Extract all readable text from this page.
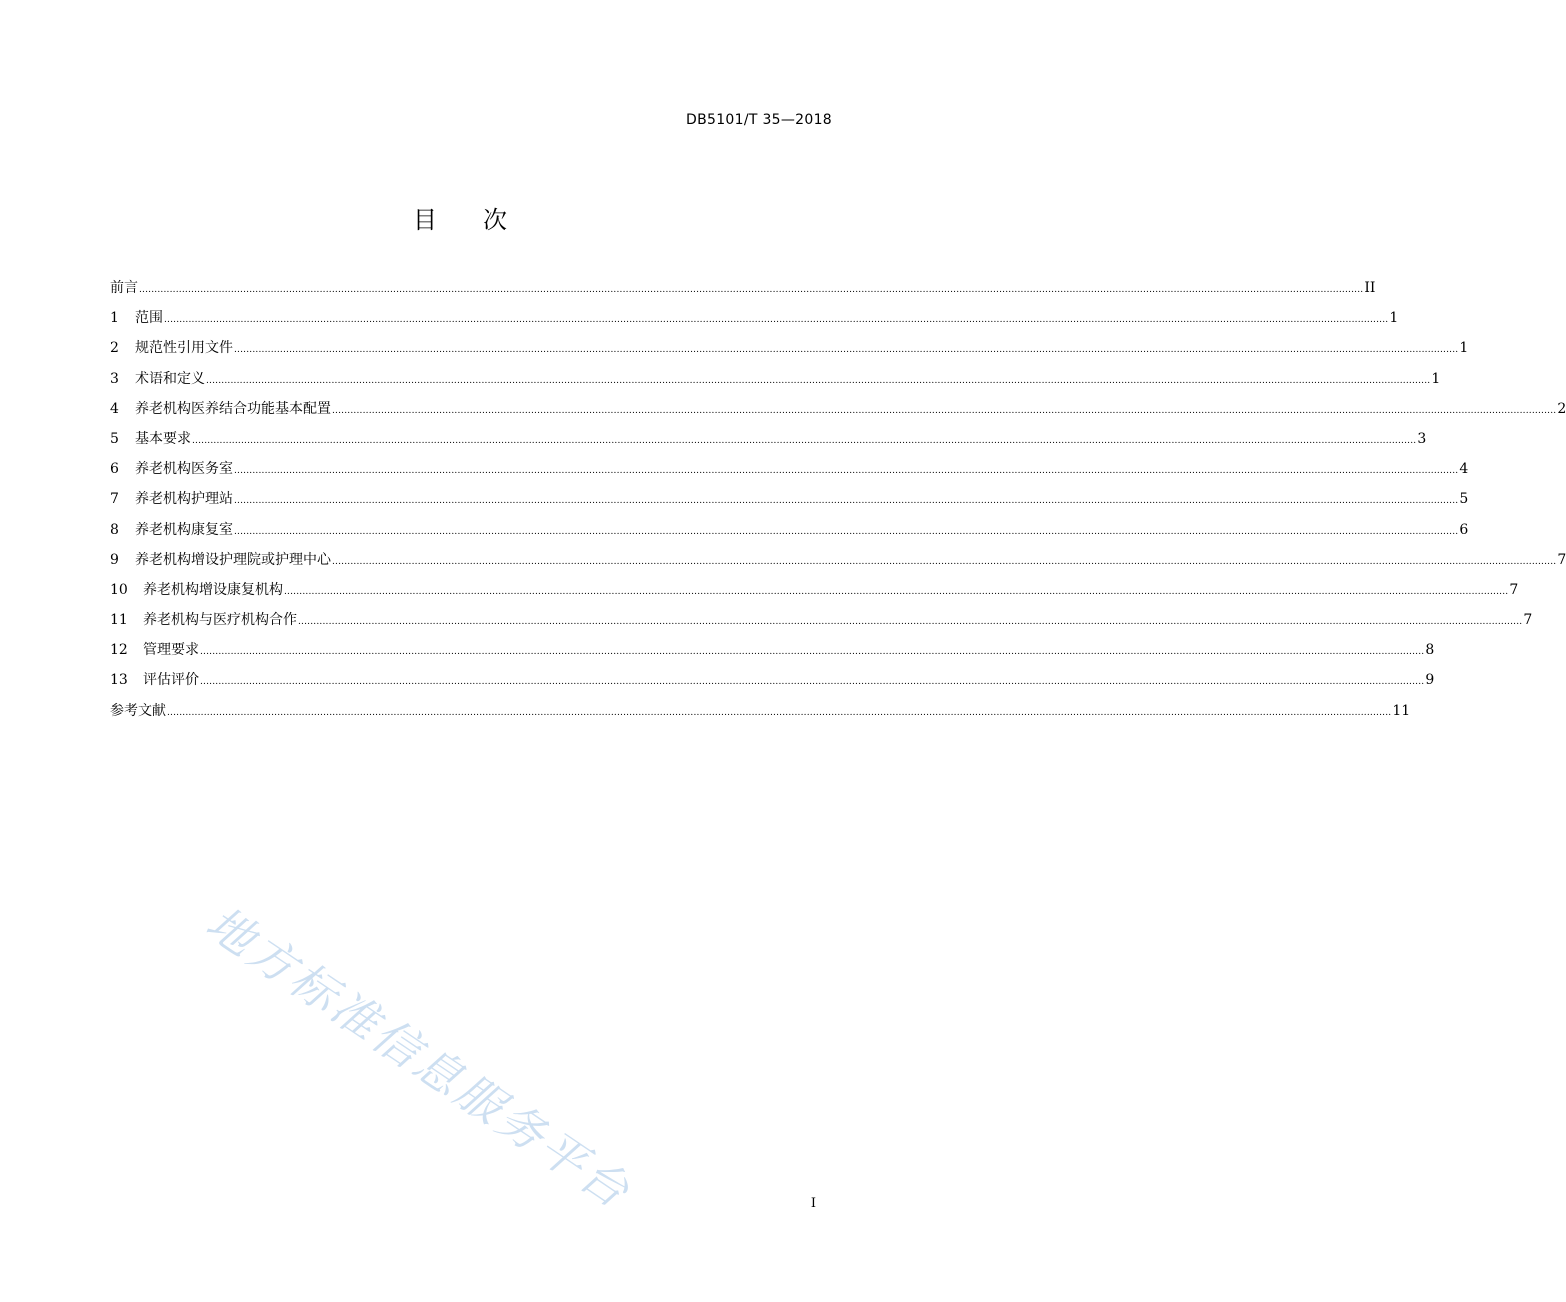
DB5101/T 35—2018
目次
前言 ................................................................................................................................................................................................................................................................................................................................................................................................................ II
1	范围 ................................................................................................................................................................................................................................................................................................................................................................................................................ 1
2	规范性引用文件 ................................................................................................................................................................................................................................................................................................................................................................................................................ 1
3	术语和定义 ................................................................................................................................................................................................................................................................................................................................................................................................................ 1
4	养老机构医养结合功能基本配置 ................................................................................................................................................................................................................................................................................................................................................................................................................ 2
5	基本要求 ................................................................................................................................................................................................................................................................................................................................................................................................................ 3
6	养老机构医务室 ................................................................................................................................................................................................................................................................................................................................................................................................................ 4
7	养老机构护理站 ................................................................................................................................................................................................................................................................................................................................................................................................................ 5
8	养老机构康复室 ................................................................................................................................................................................................................................................................................................................................................................................................................ 6
9	养老机构增设护理院或护理中心 ................................................................................................................................................................................................................................................................................................................................................................................................................ 7
10	养老机构增设康复机构 ................................................................................................................................................................................................................................................................................................................................................................................................................ 7
11	养老机构与医疗机构合作 ................................................................................................................................................................................................................................................................................................................................................................................................................ 7
12	管理要求 ................................................................................................................................................................................................................................................................................................................................................................................................................ 8
13	评估评价 ................................................................................................................................................................................................................................................................................................................................................................................................................ 9
参考文献 ................................................................................................................................................................................................................................................................................................................................................................................................................ 11
地方标准信息服务平台	I
